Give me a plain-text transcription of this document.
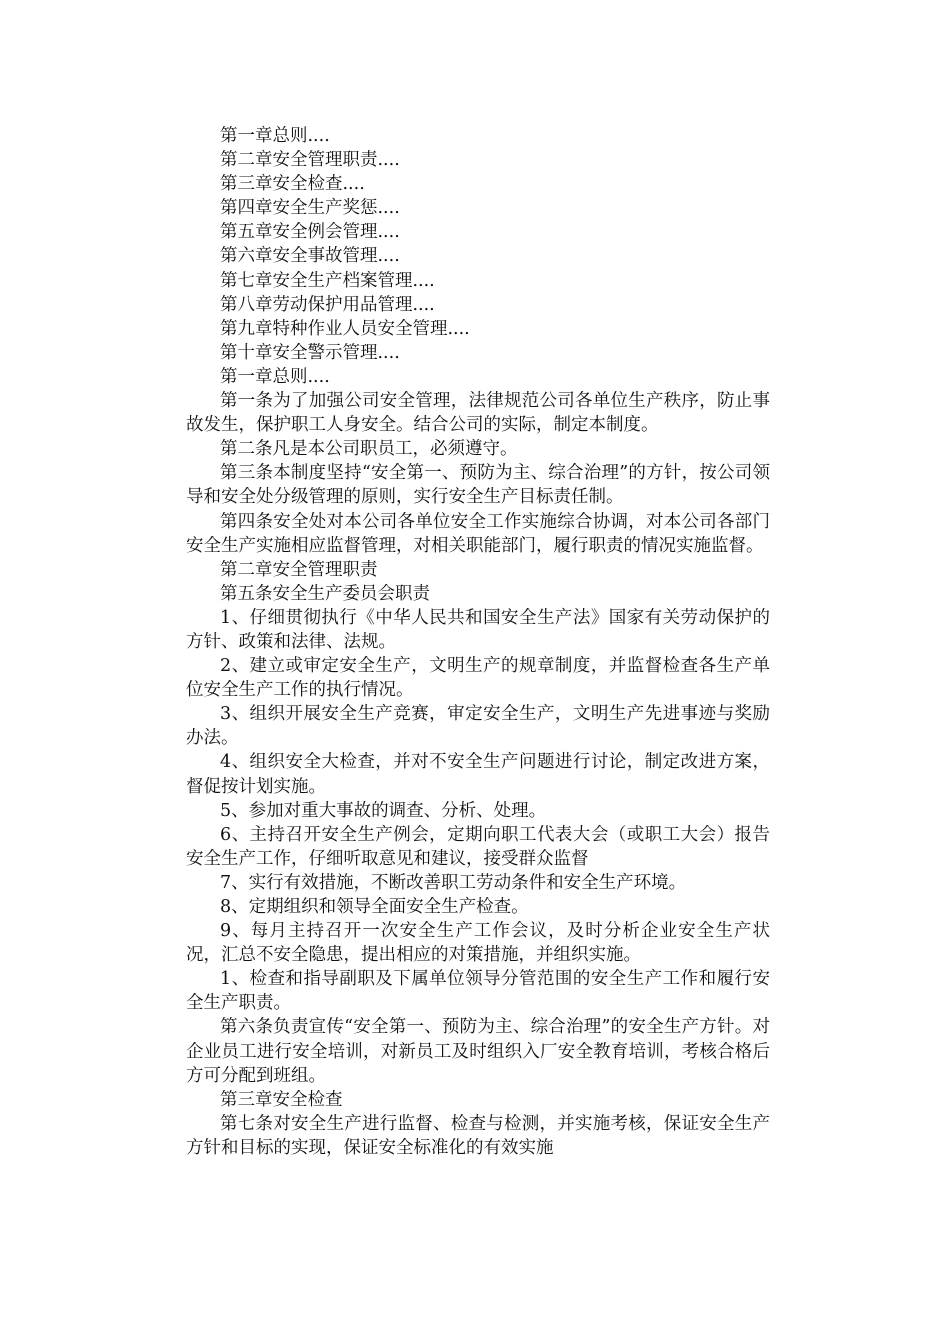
第一章总则....

第二章安全管理职责....

第三章安全检查....

第四章安全生产奖惩....

第五章安全例会管理....

第六章安全事故管理....

第七章安全生产档案管理....

第八章劳动保护用品管理....

第九章特种作业人员安全管理....

第十章安全警示管理....

第一章总则....

第一条为了加强公司安全管理，法律规范公司各单位生产秩序，防止事故发生，保护职工人身安全。结合公司的实际，制定本制度。

第二条凡是本公司职员工，必须遵守。

第三条本制度坚持“安全第一、预防为主、综合治理”的方针，按公司领导和安全处分级管理的原则，实行安全生产目标责任制。

第四条安全处对本公司各单位安全工作实施综合协调，对本公司各部门安全生产实施相应监督管理，对相关职能部门，履行职责的情况实施监督。

第二章安全管理职责

第五条安全生产委员会职责

1、仔细贯彻执行《中华人民共和国安全生产法》国家有关劳动保护的方针、政策和法律、法规。

2、建立或审定安全生产，文明生产的规章制度，并监督检查各生产单位安全生产工作的执行情况。

3、组织开展安全生产竞赛，审定安全生产，文明生产先进事迹与奖励办法。

4、组织安全大检查，并对不安全生产问题进行讨论，制定改进方案，督促按计划实施。

5、参加对重大事故的调查、分析、处理。

6、主持召开安全生产例会，定期向职工代表大会（或职工大会）报告安全生产工作，仔细听取意见和建议，接受群众监督

7、实行有效措施，不断改善职工劳动条件和安全生产环境。

8、定期组织和领导全面安全生产检查。

9、每月主持召开一次安全生产工作会议，及时分析企业安全生产状况，汇总不安全隐患，提出相应的对策措施，并组织实施。

1、检查和指导副职及下属单位领导分管范围的安全生产工作和履行安全生产职责。

第六条负责宣传“安全第一、预防为主、综合治理”的安全生产方针。对企业员工进行安全培训，对新员工及时组织入厂安全教育培训，考核合格后方可分配到班组。

第三章安全检查

第七条对安全生产进行监督、检查与检测，并实施考核，保证安全生产方针和目标的实现，保证安全标准化的有效实施
